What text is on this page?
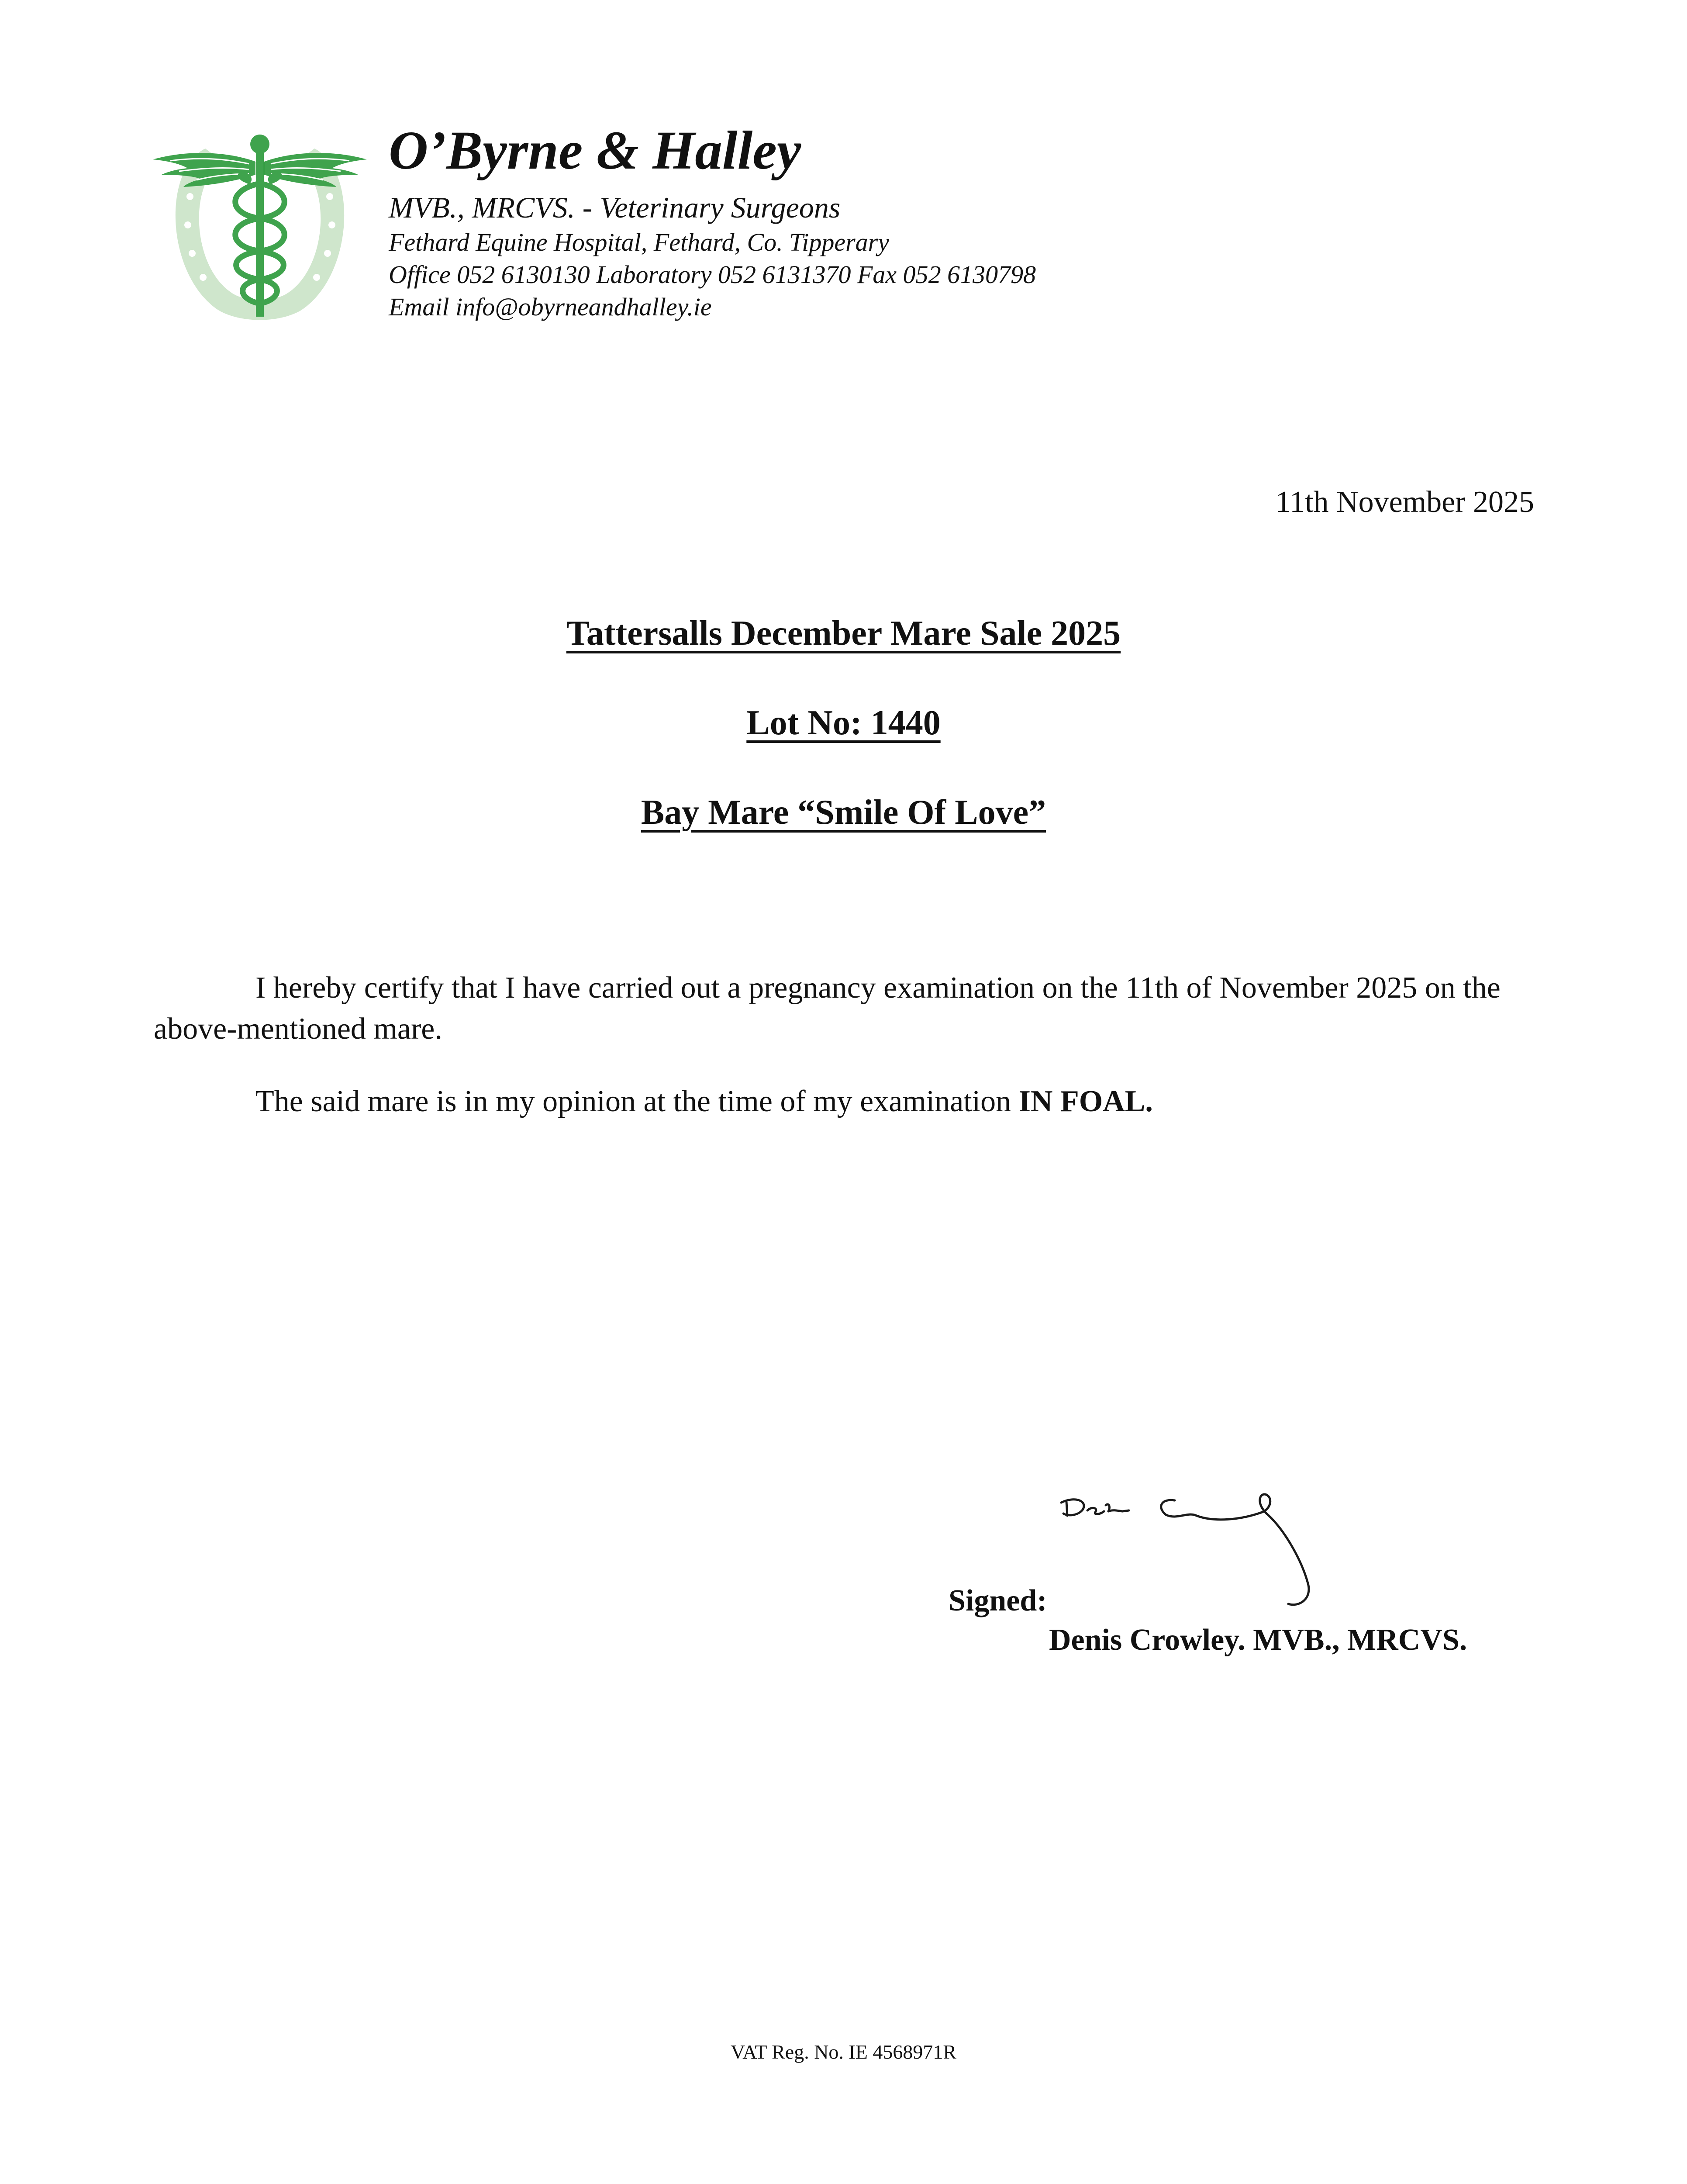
O’Byrne & Halley
MVB., MRCVS. - Veterinary Surgeons
Fethard Equine Hospital, Fethard, Co. Tipperary
Office 052 6130130 Laboratory 052 6131370 Fax 052 6130798
Email info@obyrneandhalley.ie
11th November 2025
Tattersalls December Mare Sale 2025
Lot No: 1440
Bay Mare “Smile Of Love”
I hereby certify that I have carried out a pregnancy examination on the 11th of November 2025 on the above-mentioned mare.
The said mare is in my opinion at the time of my examination IN FOAL.
Signed:
Denis Crowley. MVB., MRCVS.
VAT Reg. No. IE 4568971R
